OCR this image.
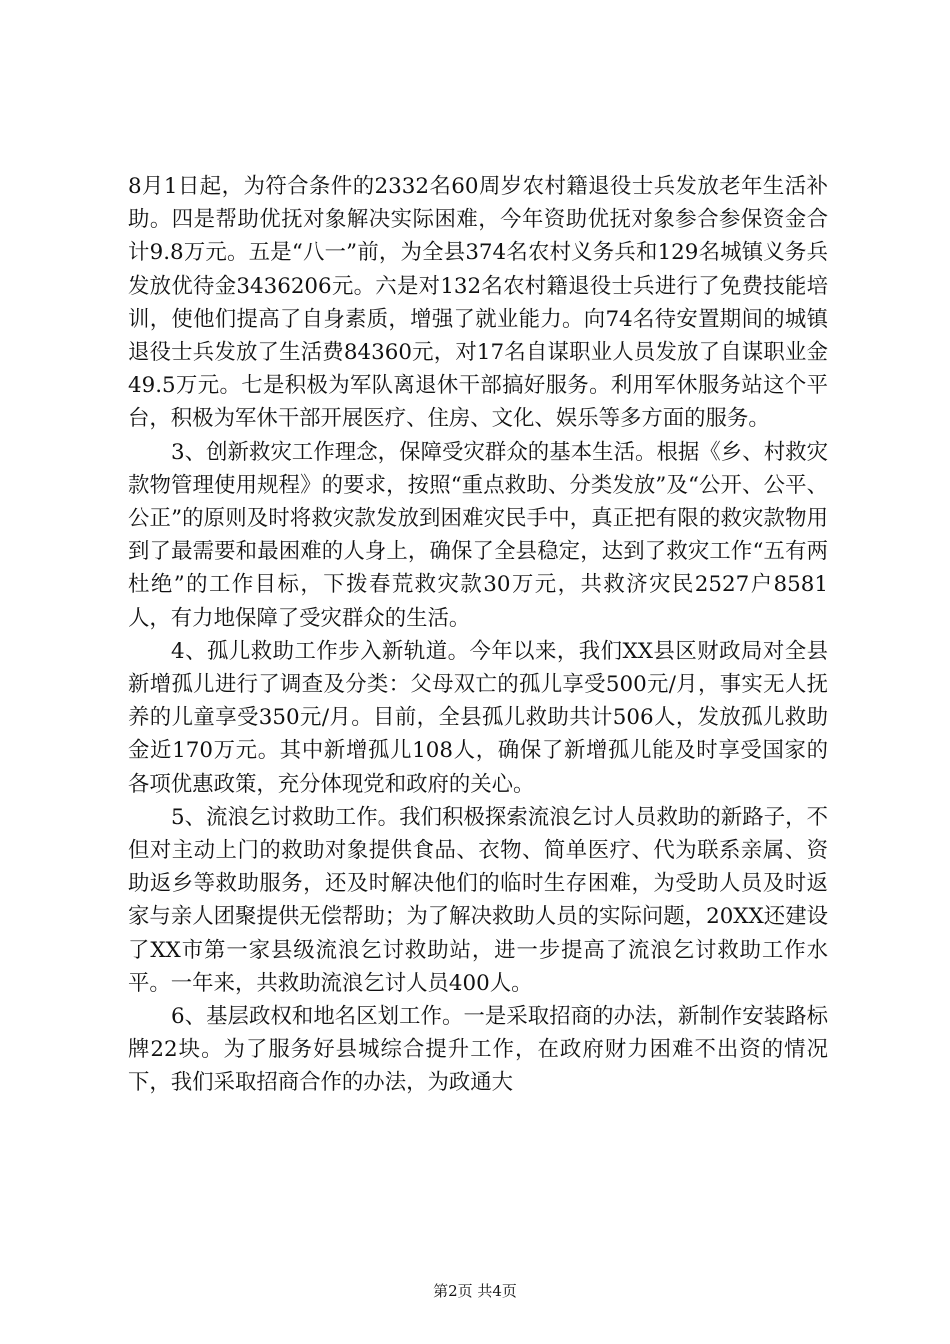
8月1日起，为符合条件的2332名60周岁农村籍退役士兵发放老年生活补助。四是帮助优抚对象解决实际困难，今年资助优抚对象参合参保资金合计9.8万元。五是“八一”前，为全县374名农村义务兵和129名城镇义务兵发放优待金3436206元。六是对132名农村籍退役士兵进行了免费技能培训，使他们提高了自身素质，增强了就业能力。向74名待安置期间的城镇退役士兵发放了生活费84360元，对17名自谋职业人员发放了自谋职业金49.5万元。七是积极为军队离退休干部搞好服务。利用军休服务站这个平台，积极为军休干部开展医疗、住房、文化、娱乐等多方面的服务。

3、创新救灾工作理念，保障受灾群众的基本生活。根据《乡、村救灾款物管理使用规程》的要求，按照“重点救助、分类发放”及“公开、公平、公正”的原则及时将救灾款发放到困难灾民手中，真正把有限的救灾款物用到了最需要和最困难的人身上，确保了全县稳定，达到了救灾工作“五有两杜绝”的工作目标，下拨春荒救灾款30万元，共救济灾民2527户8581人，有力地保障了受灾群众的生活。

4、孤儿救助工作步入新轨道。今年以来，我们XX县区财政局对全县新增孤儿进行了调查及分类：父母双亡的孤儿享受500元/月，事实无人抚养的儿童享受350元/月。目前，全县孤儿救助共计506人，发放孤儿救助金近170万元。其中新增孤儿108人，确保了新增孤儿能及时享受国家的各项优惠政策，充分体现党和政府的关心。

5、流浪乞讨救助工作。我们积极探索流浪乞讨人员救助的新路子，不但对主动上门的救助对象提供食品、衣物、简单医疗、代为联系亲属、资助返乡等救助服务，还及时解决他们的临时生存困难，为受助人员及时返家与亲人团聚提供无偿帮助；为了解决救助人员的实际问题，20XX还建设了XX市第一家县级流浪乞讨救助站，进一步提高了流浪乞讨救助工作水平。一年来，共救助流浪乞讨人员400人。

6、基层政权和地名区划工作。一是采取招商的办法，新制作安装路标牌22块。为了服务好县城综合提升工作，在政府财力困难不出资的情况下，我们采取招商合作的办法，为政通大

第2页 共4页
